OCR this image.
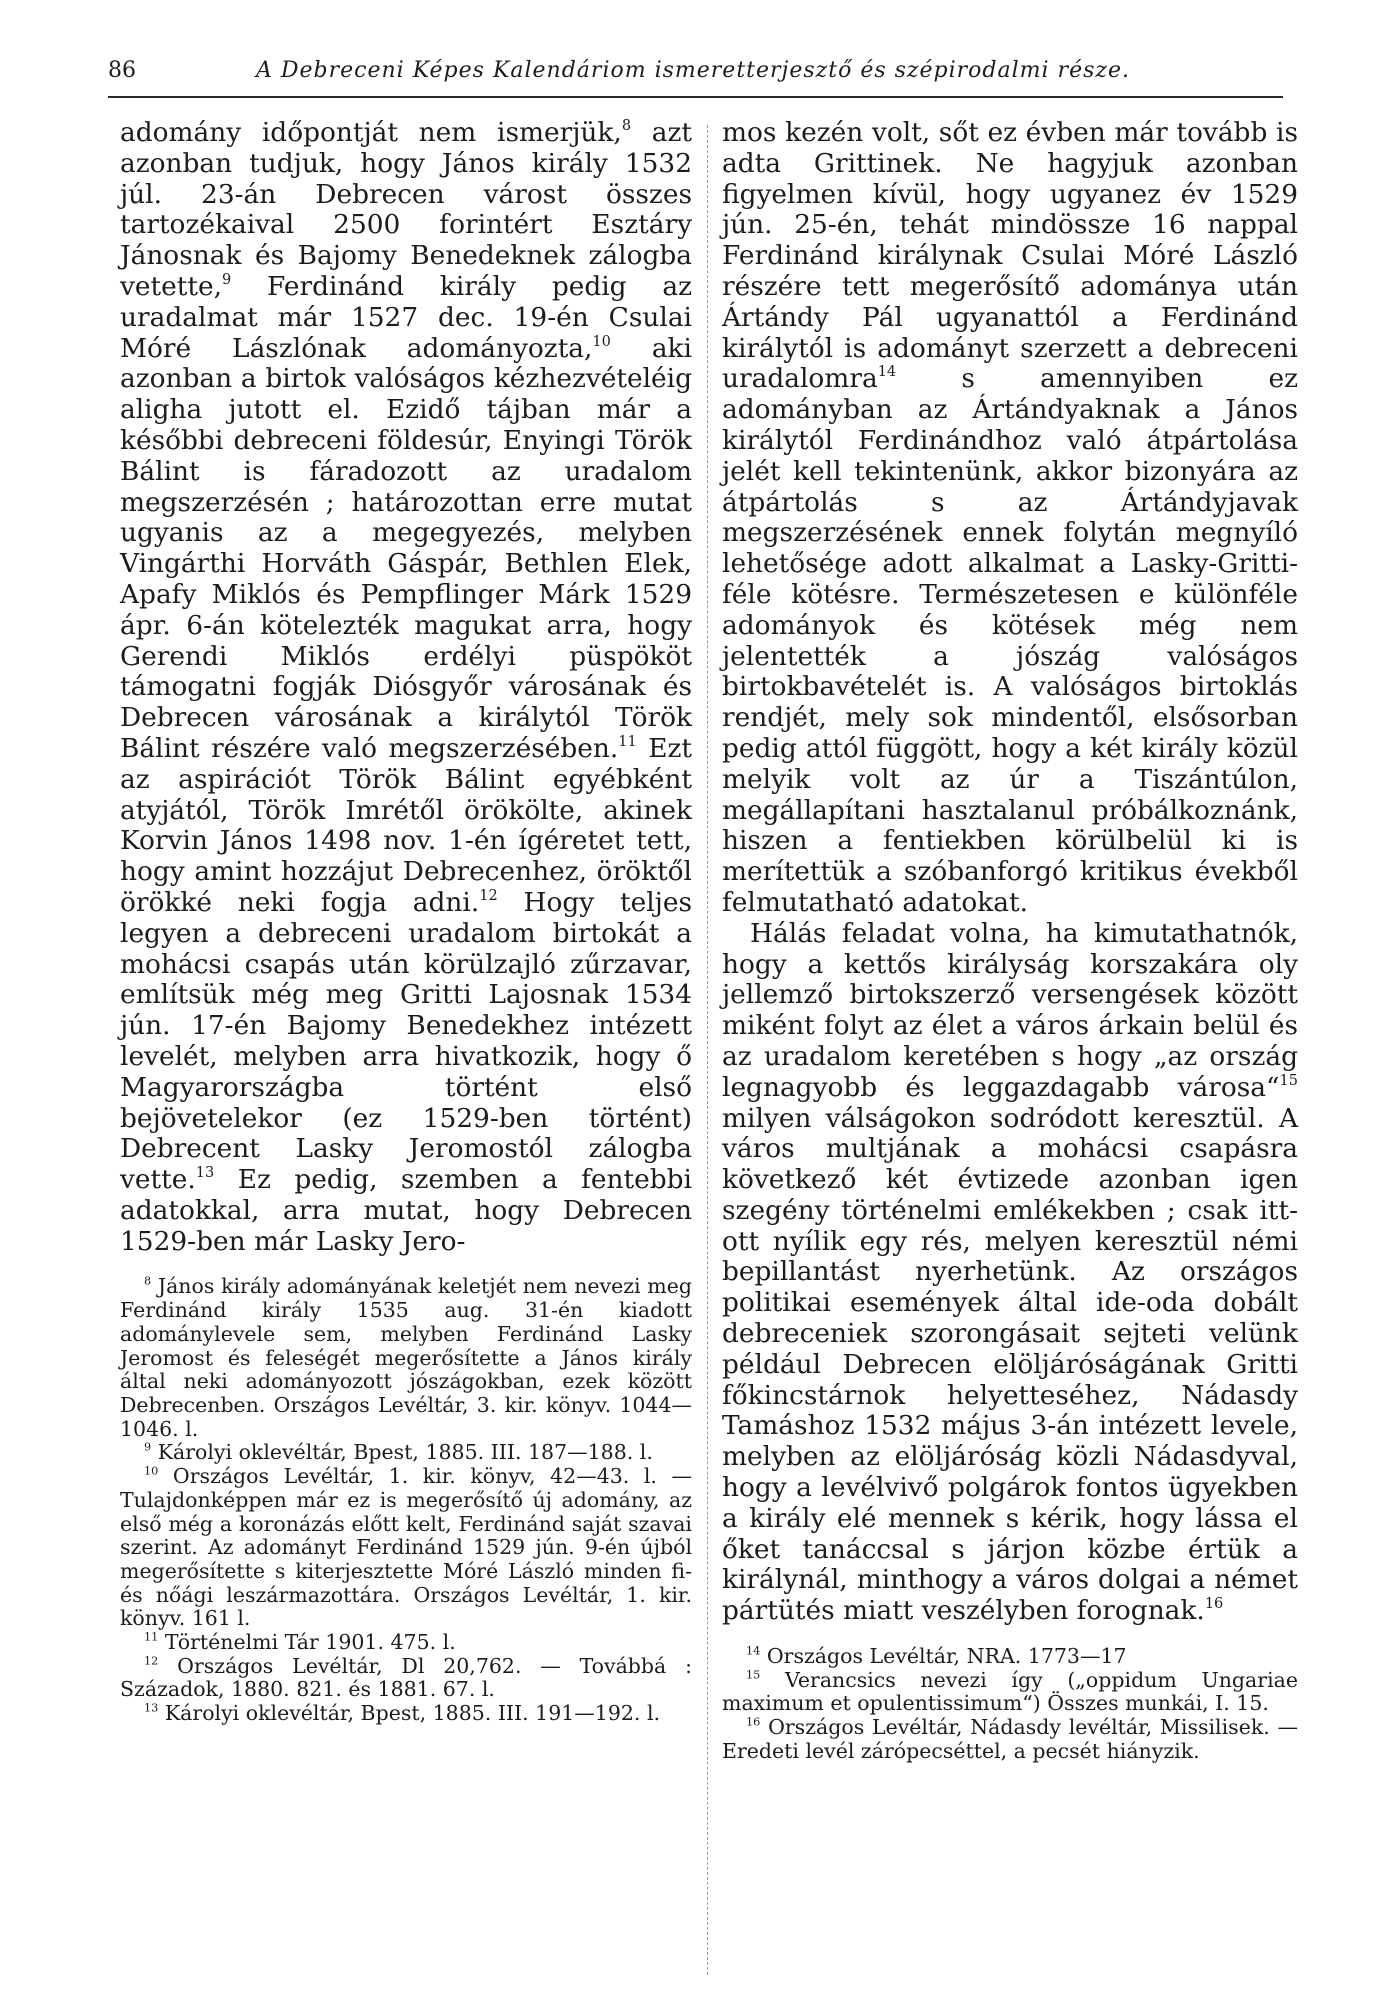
86	A Debreceni Képes Kalendáriom ismeretterjesztő és szépirodalmi része.

adomány időpontját nem ismerjük,$^8$ azt azonban tudjuk, hogy János király 1532 júl. 23-án Debrecen várost összes tartozékaival 2500 forintért Esztáry Jánosnak és Bajomy Benedeknek zálogba vetette,$^9$ Ferdinánd király pedig az uradalmat már 1527 dec. 19-én Csulai Móré Lászlónak adományozta,$^{10}$ aki azonban a birtok valóságos kézhezvételéig aligha jutott el. Ezidő tájban már a későbbi debreceni földesúr, Enyingi Török Bálint is fáradozott az uradalom megszerzésén ; határozottan erre mutat ugyanis az a megegyezés, melyben Vingárthi Horváth Gáspár, Bethlen Elek, Apafy Miklós és Pempflinger Márk 1529 ápr. 6-án kötelezték magukat arra, hogy Gerendi Miklós erdélyi püspököt támogatni fogják Diósgyőr városának és Debrecen városának a királytól Török Bálint részére való megszerzésében.$^{11}$ Ezt az aspirációt Török Bálint egyébként atyjától, Török Imrétől örökölte, akinek Korvin János 1498 nov. 1-én ígéretet tett, hogy amint hozzájut Debrecenhez, öröktől örökké neki fogja adni.$^{12}$ Hogy teljes legyen a debreceni uradalom birtokát a mohácsi csapás után körülzajló zűrzavar, említsük még meg Gritti Lajosnak 1534 jún. 17-én Bajomy Benedekhez intézett levelét, melyben arra hivatkozik, hogy ő Magyarországba történt első bejövetelekor (ez 1529-ben történt) Debrecent Lasky Jeromostól zálogba vette.$^{13}$ Ez pedig, szemben a fentebbi adatokkal, arra mutat, hogy Debrecen 1529-ben már Lasky Jero-

$^8$ János király adományának keletjét nem nevezi meg Ferdinánd király 1535 aug. 31-én kiadott adománylevele sem, melyben Ferdinánd Lasky Jeromost és feleségét megerősítette a János király által neki adományozott jószágokban, ezek között Debrecenben. Országos Levéltár, 3. kir. könyv. 1044—1046. l.

$^9$ Károlyi oklevéltár, Bpest, 1885. III. 187—188. l.

$^{10}$ Országos Levéltár, 1. kir. könyv, 42—43. l. — Tulajdonképpen már ez is megerősítő új adomány, az első még a koronázás előtt kelt, Ferdinánd saját szavai szerint. Az adományt Ferdinánd 1529 jún. 9-én újból megerősítette s kiterjesztette Móré László minden fi- és nőági leszármazottára. Országos Levéltár, 1. kir. könyv. 161 l.

$^{11}$ Történelmi Tár 1901. 475. l.

$^{12}$ Országos Levéltár, Dl 20,762. — Továbbá : Századok, 1880. 821. és 1881. 67. l.

$^{13}$ Károlyi oklevéltár, Bpest, 1885. III. 191—192. l.

mos kezén volt, sőt ez évben már tovább is adta Grittinek. Ne hagyjuk azonban figyelmen kívül, hogy ugyanez év 1529 jún. 25-én, tehát mindössze 16 nappal Ferdinánd királynak Csulai Móré László részére tett megerősítő adománya után Ártándy Pál ugyanattól a Ferdinánd királytól is adományt szerzett a debreceni uradalomra$^{14}$ s amennyiben ez adományban az Ártándyaknak a János királytól Ferdinándhoz való átpártolása jelét kell tekintenünk, akkor bizonyára az átpártolás s az Ártándyjavak megszerzésének ennek folytán megnyíló lehetősége adott alkalmat a Lasky-Gritti-féle kötésre. Természetesen e különféle adományok és kötések még nem jelentették a jószág valóságos birtokbavételét is. A valóságos birtoklás rendjét, mely sok mindentől, elsősorban pedig attól függött, hogy a két király közül melyik volt az úr a Tiszántúlon, megállapítani hasztalanul próbálkoznánk, hiszen a fentiekben körülbelül ki is merítettük a szóbanforgó kritikus évekből felmutatható adatokat.

Hálás feladat volna, ha kimutathatnók, hogy a kettős királyság korszakára oly jellemző birtokszerző versengések között miként folyt az élet a város árkain belül és az uradalom keretében s hogy „az ország legnagyobb és leggazdagabb városa“$^{15}$ milyen válságokon sodródott keresztül. A város multjának a mohácsi csapásra következő két évtizede azonban igen szegény történelmi emlékekben ; csak itt-ott nyílik egy rés, melyen keresztül némi bepillantást nyerhetünk. Az országos politikai események által ide-oda dobált debreceniek szorongásait sejteti velünk például Debrecen elöljáróságának Gritti főkincstárnok helyetteséhez, Nádasdy Tamáshoz 1532 május 3-án intézett levele, melyben az elöljáróság közli Nádasdyval, hogy a levélvivő polgárok fontos ügyekben a király elé mennek s kérik, hogy lássa el őket tanáccsal s járjon közbe értük a királynál, minthogy a város dolgai a német pártütés miatt veszélyben forognak.$^{16}$

$^{14}$ Országos Levéltár, NRA. 1773—17

$^{15}$ Verancsics nevezi így („oppidum Ungariae maximum et opulentissimum“) Összes munkái, I. 15.

$^{16}$ Országos Levéltár, Nádasdy levéltár, Missilisek. — Eredeti levél zárópecséttel, a pecsét hiányzik.
